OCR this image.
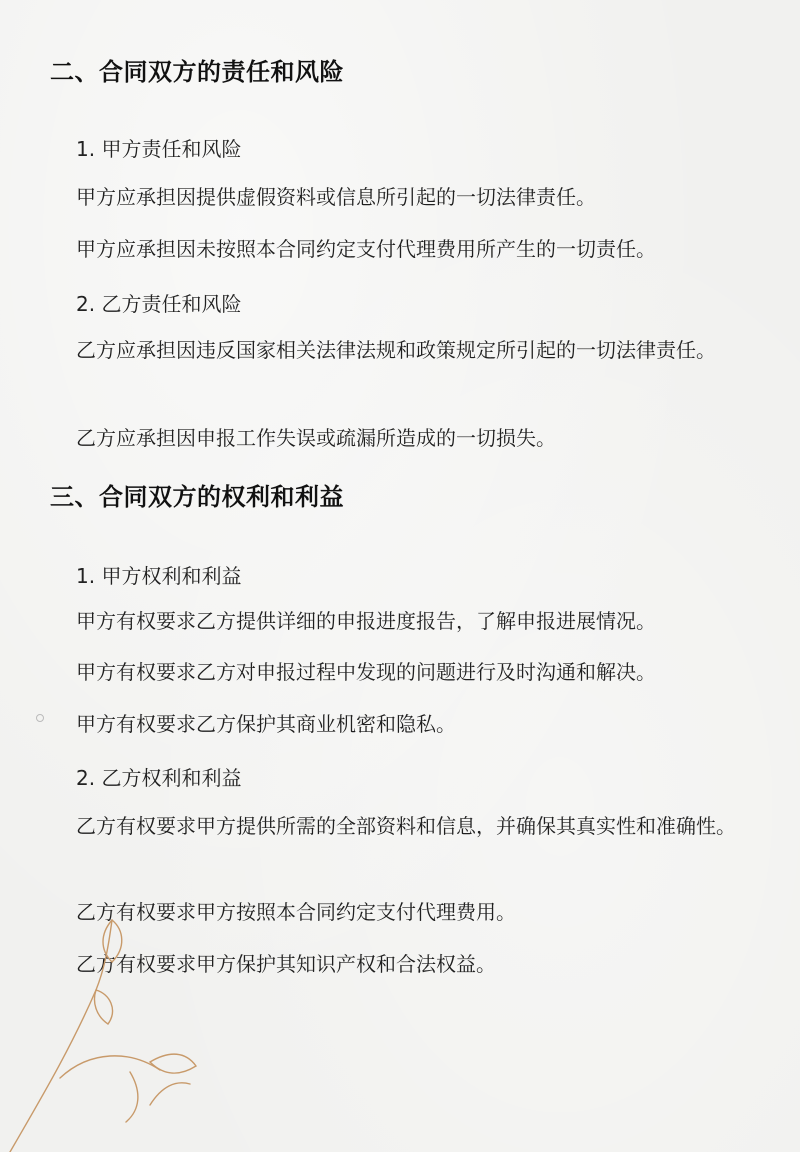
二、合同双方的责任和风险

1. 甲方责任和风险

甲方应承担因提供虚假资料或信息所引起的一切法律责任。

甲方应承担因未按照本合同约定支付代理费用所产生的一切责任。

2. 乙方责任和风险

乙方应承担因违反国家相关法律法规和政策规定所引起的一切法律责任。

乙方应承担因申报工作失误或疏漏所造成的一切损失。

三、合同双方的权利和利益

1. 甲方权利和利益

甲方有权要求乙方提供详细的申报进度报告，了解申报进展情况。

甲方有权要求乙方对申报过程中发现的问题进行及时沟通和解决。

甲方有权要求乙方保护其商业机密和隐私。

2. 乙方权利和利益

乙方有权要求甲方提供所需的全部资料和信息，并确保其真实性和准确性。

乙方有权要求甲方按照本合同约定支付代理费用。

乙方有权要求甲方保护其知识产权和合法权益。
